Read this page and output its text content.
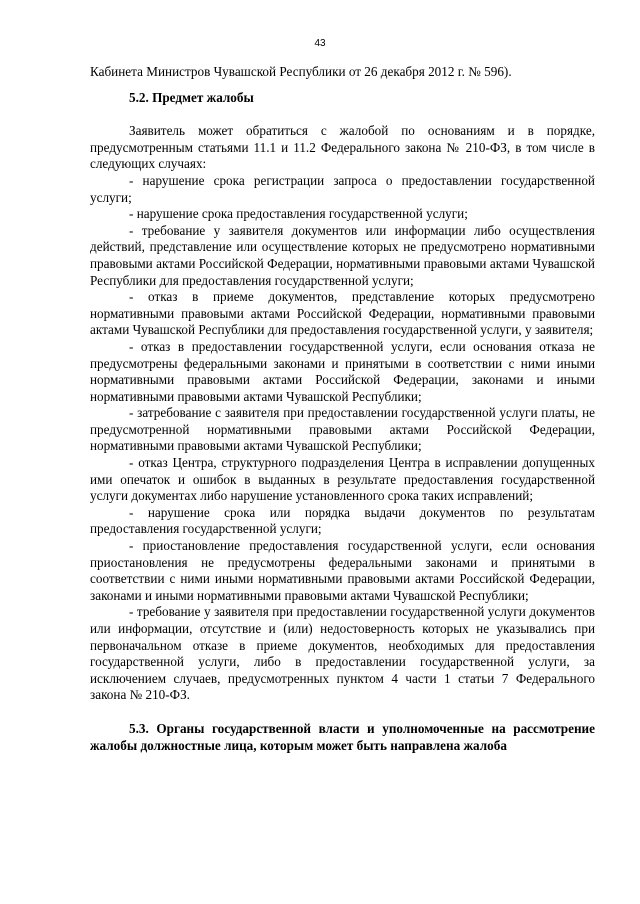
43

Кабинета Министров Чувашской Республики от 26 декабря 2012 г. № 596).

5.2. Предмет жалобы

Заявитель может обратиться с жалобой по основаниям и в порядке, предусмотренным статьями 11.1 и 11.2 Федерального закона № 210-ФЗ, в том числе в следующих случаях:

- нарушение срока регистрации запроса о предоставлении государственной услуги;

- нарушение срока предоставления государственной услуги;

- требование у заявителя документов или информации либо осуществления действий, представление или осуществление которых не предусмотрено нормативными правовыми актами Российской Федерации, нормативными правовыми актами Чувашской Республики для предоставления государственной услуги;

- отказ в приеме документов, представление которых предусмотрено нормативными правовыми актами Российской Федерации, нормативными правовыми актами Чувашской Республики для предоставления государственной услуги, у заявителя;

- отказ в предоставлении государственной услуги, если основания отказа не предусмотрены федеральными законами и принятыми в соответствии с ними иными нормативными правовыми актами Российской Федерации, законами и иными нормативными правовыми актами Чувашской Республики;

- затребование с заявителя при предоставлении государственной услуги платы, не предусмотренной нормативными правовыми актами Российской Федерации, нормативными правовыми актами Чувашской Республики;

- отказ Центра, структурного подразделения Центра в исправлении допущенных ими опечаток и ошибок в выданных в результате предоставления государственной услуги документах либо нарушение установленного срока таких исправлений;

- нарушение срока или порядка выдачи документов по результатам предоставления государственной услуги;

- приостановление предоставления государственной услуги, если основания приостановления не предусмотрены федеральными законами и принятыми в соответствии с ними иными нормативными правовыми актами Российской Федерации, законами и иными нормативными правовыми актами Чувашской Республики;

- требование у заявителя при предоставлении государственной услуги документов или информации, отсутствие и (или) недостоверность которых не указывались при первоначальном отказе в приеме документов, необходимых для предоставления государственной услуги, либо в предоставлении государственной услуги, за исключением случаев, предусмотренных пунктом 4 части 1 статьи 7 Федерального закона № 210-ФЗ.

5.3. Органы государственной власти и уполномоченные на рассмотрение жалобы должностные лица, которым может быть направлена жалоба
